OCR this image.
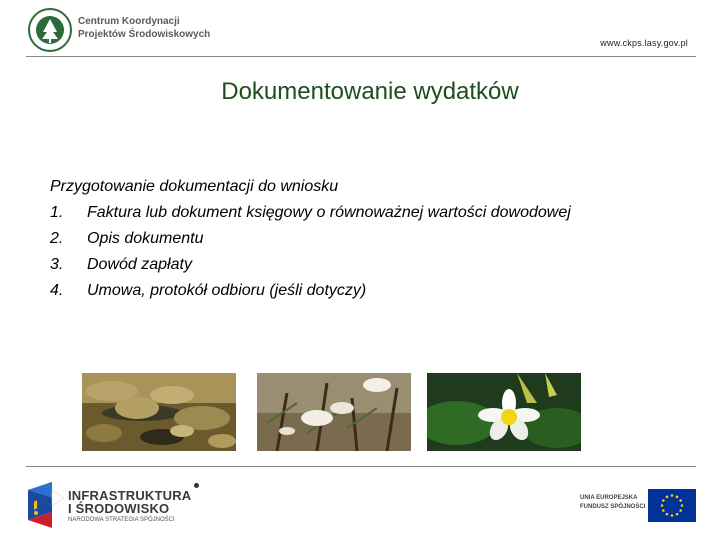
Centrum Koordynacji
Projektów Środowiskowych
www.ckps.lasy.gov.pl
Dokumentowanie wydatków
Przygotowanie dokumentacji do wniosku
1.	Faktura lub dokument księgowy o równoważnej wartości dowodowej
2.	Opis dokumentu
3.	Dowód zapłaty
4.	Umowa, protokół odbioru (jeśli dotyczy)
INFRASTRUKTURA
I ŚRODOWISKO
NARODOWA STRATEGIA SPÓJNOŚCI
UNIA EUROPEJSKA
FUNDUSZ SPÓJNOŚCI
